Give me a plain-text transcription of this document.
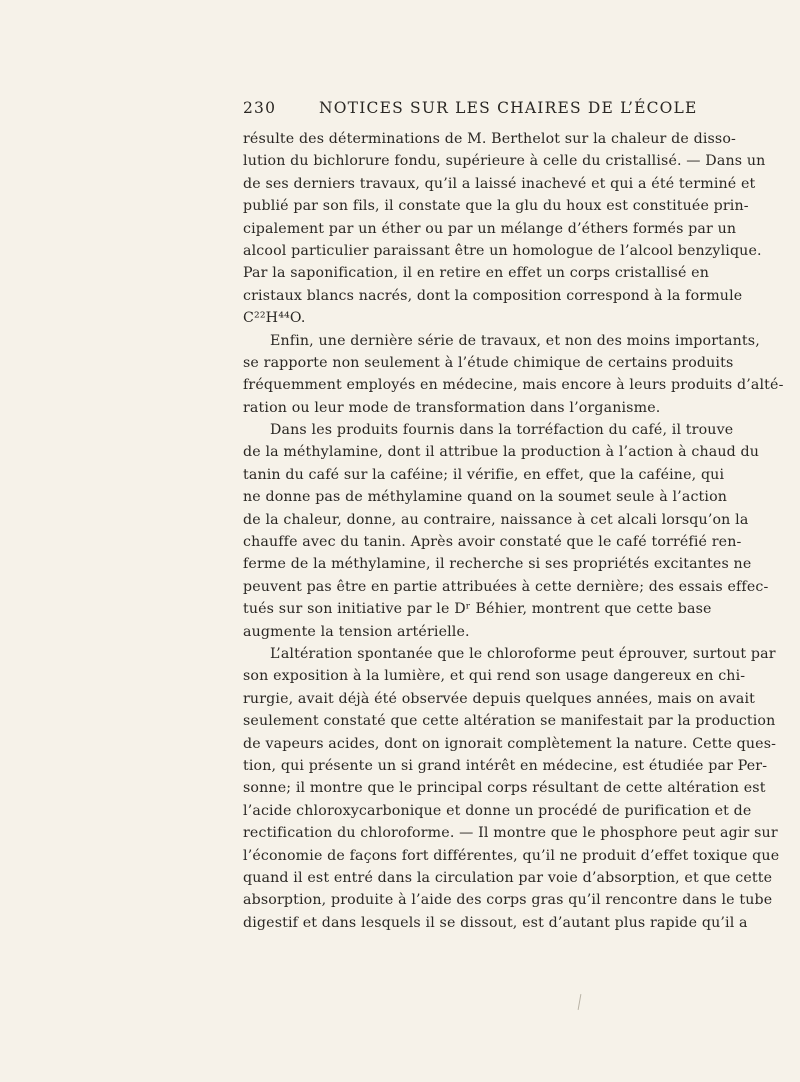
230	NOTICES SUR LES CHAIRES DE L’ÉCOLE
résulte des déterminations de M. Berthelot sur la chaleur de disso-
lution du bichlorure fondu, supérieure à celle du cristallisé. — Dans un
de ses derniers travaux, qu’il a laissé inachevé et qui a été terminé et
publié par son fils, il constate que la glu du houx est constituée prin-
cipalement par un éther ou par un mélange d’éthers formés par un
alcool particulier paraissant être un homologue de l’alcool benzylique.
Par la saponification, il en retire en effet un corps cristallisé en
cristaux blancs nacrés, dont la composition correspond à la formule
C²²H⁴⁴O.
Enfin, une dernière série de travaux, et non des moins importants,
se rapporte non seulement à l’étude chimique de certains produits
fréquemment employés en médecine, mais encore à leurs produits d’alté-
ration ou leur mode de transformation dans l’organisme.
Dans les produits fournis dans la torréfaction du café, il trouve
de la méthylamine, dont il attribue la production à l’action à chaud du
tanin du café sur la caféine; il vérifie, en effet, que la caféine, qui
ne donne pas de méthylamine quand on la soumet seule à l’action
de la chaleur, donne, au contraire, naissance à cet alcali lorsqu’on la
chauffe avec du tanin. Après avoir constaté que le café torréfié ren-
ferme de la méthylamine, il recherche si ses propriétés excitantes ne
peuvent pas être en partie attribuées à cette dernière; des essais effec-
tués sur son initiative par le Dʳ Béhier, montrent que cette base
augmente la tension artérielle.
L’altération spontanée que le chloroforme peut éprouver, surtout par
son exposition à la lumière, et qui rend son usage dangereux en chi-
rurgie, avait déjà été observée depuis quelques années, mais on avait
seulement constaté que cette altération se manifestait par la production
de vapeurs acides, dont on ignorait complètement la nature. Cette ques-
tion, qui présente un si grand intérêt en médecine, est étudiée par Per-
sonne; il montre que le principal corps résultant de cette altération est
l’acide chloroxycarbonique et donne un procédé de purification et de
rectification du chloroforme. — Il montre que le phosphore peut agir sur
l’économie de façons fort différentes, qu’il ne produit d’effet toxique que
quand il est entré dans la circulation par voie d’absorption, et que cette
absorption, produite à l’aide des corps gras qu’il rencontre dans le tube
digestif et dans lesquels il se dissout, est d’autant plus rapide qu’il a
